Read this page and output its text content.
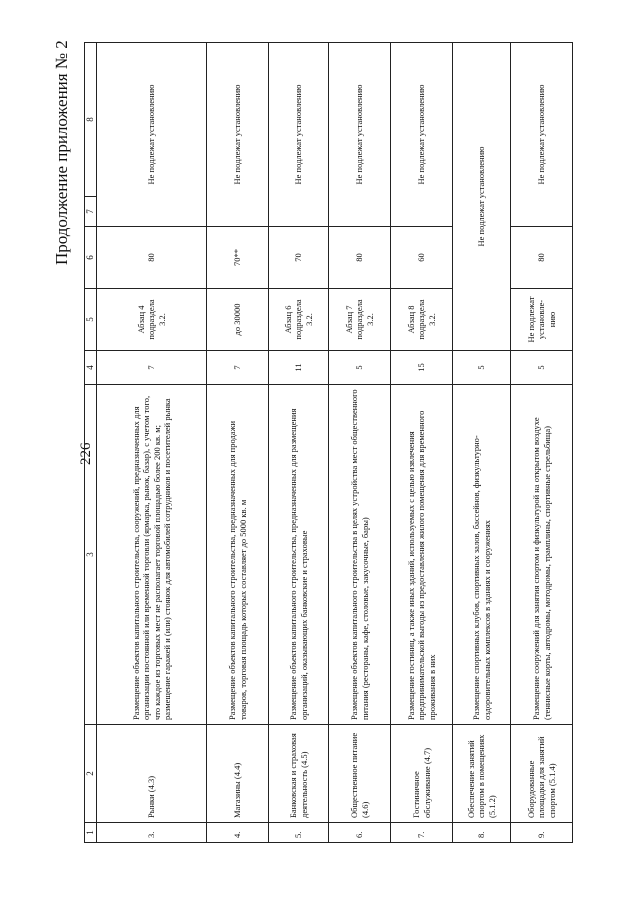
Продолжение приложения № 2
226
1	2	3	4	5	6	7	8
3.	Рынки (4.3)	Размещение объектов капитального строительства, сооружений, предназначенных для организации постоянной или временной торговли (ярмарка, рынок, базар), с учетом того, что каждое из торговых мест не располагает торговой площадью более 200 кв. м; размещение гаражей и (или) стоянок для автомобилей сотрудников и посетителей рынка	7	Абзац 4 подраздела 3.2.	80	Не подлежат установлению	
4.	Магазины (4.4)	Размещение объектов капитального строительства, предназначенных для продажи товаров, торговая площадь которых составляет до 5000 кв. м	7	до 30000	70**	Не подлежат установлению	
5.	Банковская и страховая деятельность (4.5)	Размещение объектов капитального строительства, предназначенных для размещения организаций, оказывающих банковские и страховые	11	Абзац 6 подраздела 3.2.	70	Не подлежат установлению	
6.	Общественное питание (4.6)	Размещение объектов капитального строительства в целях устройства мест общественного питания (рестораны, кафе, столовые, закусочные, бары)	5	Абзац 7 подраздела 3.2.	80	Не подлежат установлению	
7.	Гостиничное обслуживание (4.7)	Размещение гостиниц, а также иных зданий, используемых с целью извлечения предпринимательской выгоды из предоставления жилого помещения для временного проживания в них	15	Абзац 8 подраздела 3.2.	60	Не подлежат установлению	
8.	Обеспечение занятий спортом в помещениях (5.1.2)	Размещение спортивных клубов, спортивных залов, бассейнов, физкультурно-оздоровительных комплексов в зданиях и сооружениях	5	Не подлежат установлению			
9.	Оборудованные площадки для занятий спортом (5.1.4)	Размещение сооружений для занятия спортом и физкультурой на открытом воздухе (теннисные корты, автодромы, мотодромы, трамплины, спортивные стрельбища)	5	Не подлежат установле-нию	80	Не подлежат установлению	
